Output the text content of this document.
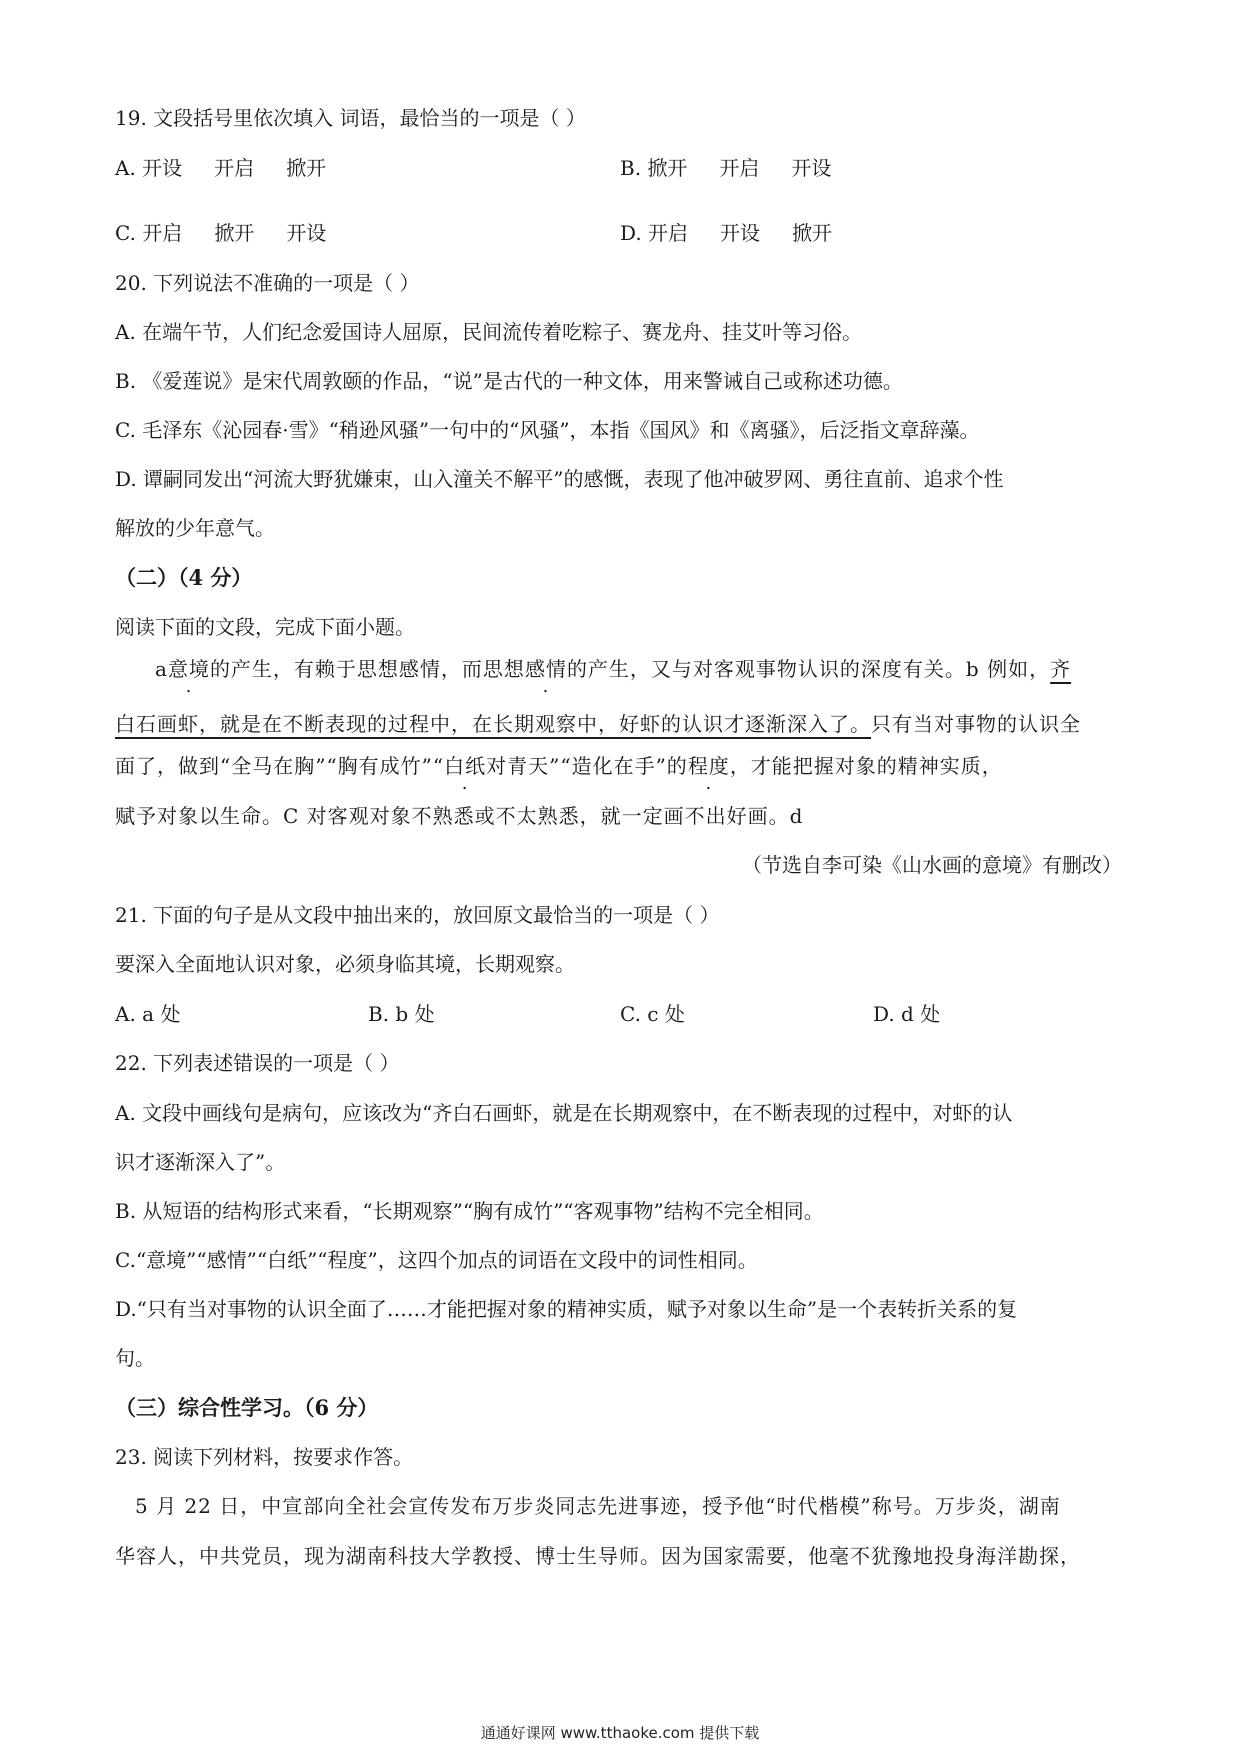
19. 文段括号里依次填入 词语，最恰当的一项是（ ）
A. 开设 开启 掀开	B. 掀开 开启 开设
C. 开启 掀开 开设	D. 开启 开设 掀开
20. 下列说法不准确的一项是（ ）
A. 在端午节，人们纪念爱国诗人屈原，民间流传着吃粽子、赛龙舟、挂艾叶等习俗。
B. 《爱莲说》是宋代周敦颐的作品，“说”是古代的一种文体，用来警诫自己或称述功德。
C. 毛泽东《沁园春·雪》“稍逊风骚”一句中的“风骚”，本指《国风》和《离骚》，后泛指文章辞藻。
D. 谭嗣同发出“河流大野犹嫌束，山入潼关不解平”的感慨，表现了他冲破罗网、勇往直前、追求个性
解放的少年意气。
（二）（4 分）
阅读下面的文段，完成下面小题。
a意境的产生，有赖于思想感情，而思想感情的产生，又与对客观事物认识的深度有关。b 例如，齐
白石画虾，就是在不断表现的过程中，在长期观察中，好虾的认识才逐渐深入了。只有当对事物的认识全
面了，做到“全马在胸”“胸有成竹”“白纸对青天”“造化在手”的程度，才能把握对象的精神实质，
赋予对象以生命。C 对客观对象不熟悉或不太熟悉，就一定画不出好画。d
（节选自李可染《山水画的意境》有删改）
21. 下面的句子是从文段中抽出来的，放回原文最恰当的一项是（ ）
要深入全面地认识对象，必须身临其境，长期观察。
A. a 处	B. b 处	C. c 处	D. d 处
22. 下列表述错误的一项是（ ）
A. 文段中画线句是病句，应该改为“齐白石画虾，就是在长期观察中，在不断表现的过程中，对虾的认
识才逐渐深入了”。
B. 从短语的结构形式来看，“长期观察”“胸有成竹”“客观事物”结构不完全相同。
C.“意境”“感情”“白纸”“程度”，这四个加点的词语在文段中的词性相同。
D.“只有当对事物的认识全面了……才能把握对象的精神实质，赋予对象以生命”是一个表转折关系的复
句。
（三）综合性学习。（6 分）
23. 阅读下列材料，按要求作答。
5 月 22 日，中宣部向全社会宣传发布万步炎同志先进事迹，授予他“时代楷模”称号。万步炎，湖南
华容人，中共党员，现为湖南科技大学教授、博士生导师。因为国家需要，他毫不犹豫地投身海洋勘探，
通通好课网 www.tthaoke.com 提供下载
